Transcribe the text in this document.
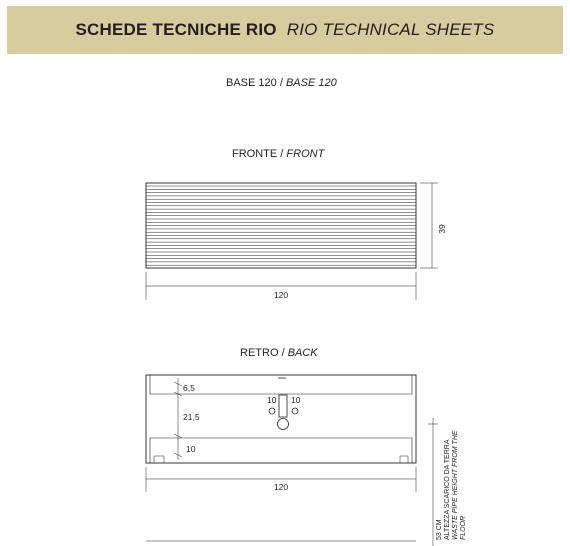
SCHEDE TECNICHE RIO RIO TECHNICAL SHEETS
BASE 120 / BASE 120
FRONTE / FRONT
RETRO / BACK
39
120
6,5
21,5
10
10 10
120
53 CM ALTEZZA SCARICO DA TERRA WASTE PIPE HEIGHT FROM THE FLOOR
